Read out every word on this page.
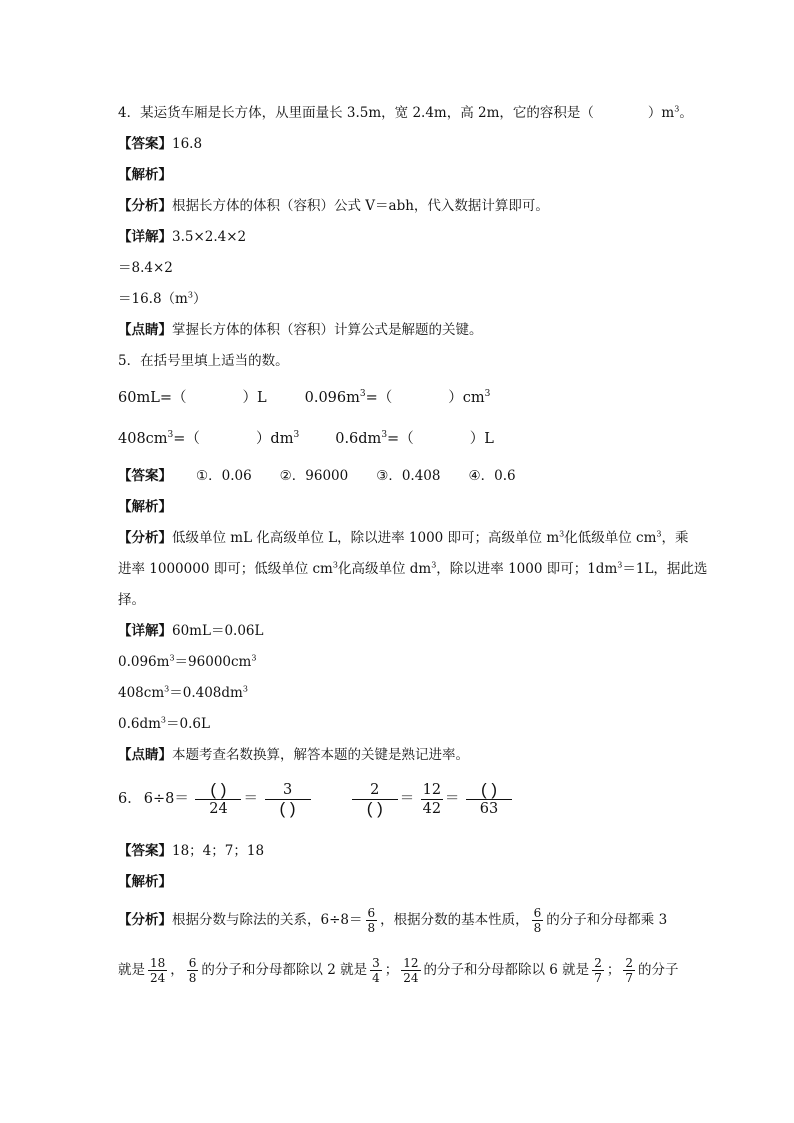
4．某运货车厢是长方体，从里面量长 3.5m，宽 2.4m，高 2m，它的容积是（	）$m^3$。
【答案】16.8
【解析】
【分析】根据长方体的体积（容积）公式 V＝abh，代入数据计算即可。
【详解】3.5×2.4×2
＝8.4×2
$=16.8(m^3)$
【点睛】掌握长方体的体积（容积）计算公式是解题的关键。
5．在括号里填上适当的数。
60mL=（	）L	$0.096m^3=$（	）$cm^3$
$408cm^3=$（	）$dm^3$ $0.6dm^3=$（	）L
【答案】 ①．0.06 ②．96000 ③．0.408 ④．0.6
【解析】
【分析】低级单位 mL 化高级单位 L，除以进率 1000 即可；高级单位 $m^3$化低级单位 $cm^3$，乘
进率 1000000 即可；低级单位 $cm^3$化高级单位 $dm^3$，除以进率 1000 即可；$1dm^3=1L$，据此选
择。
【详解】60mL＝0.06L
$0.096m^3=96000cm^3$
$408cm^3=0.408dm^3$
$0.6dm^3=0.6L$
【点睛】本题考查名数换算，解答本题的关键是熟记进率。
6． $6\div 8= \frac{( )}{24} = \frac{3}{( )}$
	$\frac{2}{( )} = \frac{12}{42} = \frac{( )}{63}$
【答案】18；4；7；18
【解析】
【分析】根据分数与除法的关系，$6\div 8= \frac{6}{8}$ ，根据分数的基本性质， $\frac{6}{8}$ 的分子和分母都乘 3
就是 $\frac{18}{24}$ ， $\frac{6}{8}$ 的分子和分母都除以 2 就是 $\frac{3}{4}$ ； $\frac{12}{24}$ 的分子和分母都除以 6 就是 $\frac{2}{7}$ ； $\frac{2}{7}$ 的分子
